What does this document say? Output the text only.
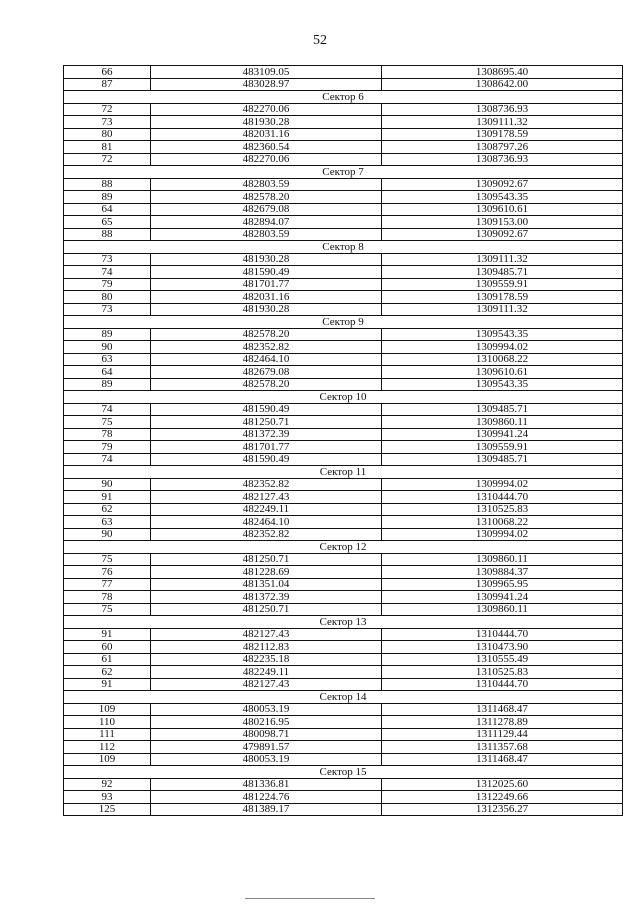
52
66	483109.05	1308695.40
87	483028.97	1308642.00
Сектор 6		
72	482270.06	1308736.93
73	481930.28	1309111.32
80	482031.16	1309178.59
81	482360.54	1308797.26
72	482270.06	1308736.93
Сектор 7		
88	482803.59	1309092.67
89	482578.20	1309543.35
64	482679.08	1309610.61
65	482894.07	1309153.00
88	482803.59	1309092.67
Сектор 8		
73	481930.28	1309111.32
74	481590.49	1309485.71
79	481701.77	1309559.91
80	482031.16	1309178.59
73	481930.28	1309111.32
Сектор 9		
89	482578.20	1309543.35
90	482352.82	1309994.02
63	482464.10	1310068.22
64	482679.08	1309610.61
89	482578.20	1309543.35
Сектор 10		
74	481590.49	1309485.71
75	481250.71	1309860.11
78	481372.39	1309941.24
79	481701.77	1309559.91
74	481590.49	1309485.71
Сектор 11		
90	482352.82	1309994.02
91	482127.43	1310444.70
62	482249.11	1310525.83
63	482464.10	1310068.22
90	482352.82	1309994.02
Сектор 12		
75	481250.71	1309860.11
76	481228.69	1309884.37
77	481351.04	1309965.95
78	481372.39	1309941.24
75	481250.71	1309860.11
Сектор 13		
91	482127.43	1310444.70
60	482112.83	1310473.90
61	482235.18	1310555.49
62	482249.11	1310525.83
91	482127.43	1310444.70
Сектор 14		
109	480053.19	1311468.47
110	480216.95	1311278.89
111	480098.71	1311129.44
112	479891.57	1311357.68
109	480053.19	1311468.47
Сектор 15		
92	481336.81	1312025.60
93	481224.76	1312249.66
125	481389.17	1312356.27
